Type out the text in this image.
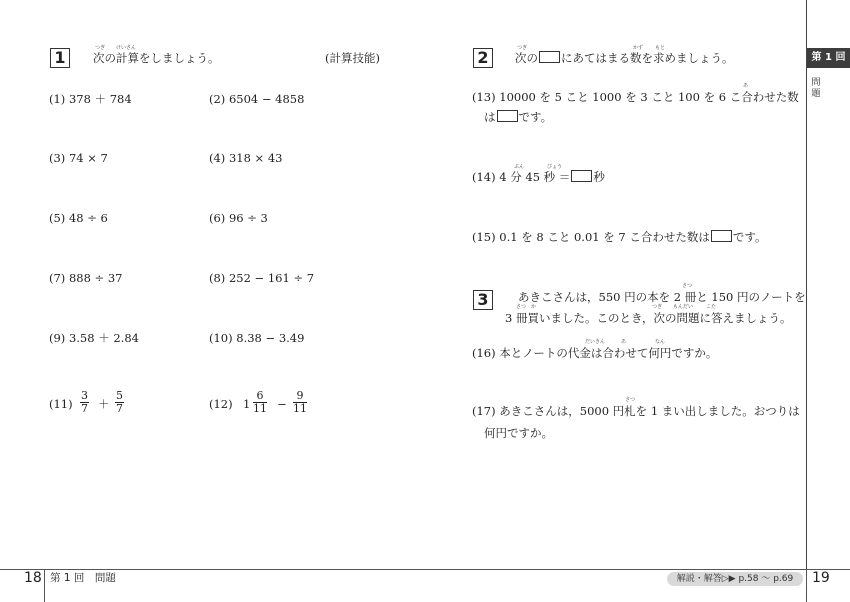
1	つぎ けいさん
次の計算をしましょう。	(計算技能)
(1) 378 ＋ 784	(2) 6504 − 4858
(3) 74 × 7	(4) 318 × 43
(5) 48 ÷ 6	(6) 96 ÷ 3
(7) 888 ÷ 37	(8) 252 − 161 ÷ 7
(9) 3.58 ＋ 2.84	(10) 8.38 − 3.49
$(11) \frac{3}{7} + \frac{5}{7}$	(12) $1 \frac{6}{11} - \frac{9}{11}$
2	つぎ	かず もと
次の にあてはまる数を求めましょう。
あ
(13) 10000 を 5 こと 1000 を 3 こと 100 を 6 こ合わせた数
は です。
ぷん	びょう
(14) 4 分 45 秒 ＝ 秒
(15) 0.1 を 8 こと 0.01 を 7 こ合わせた数は です。
3
さつ
あきこさんは，550 円の本を 2 冊と 150 円のノートを
さつ か	つぎ もんだい	こた
3 冊買いました。このとき，次の問題に答えましょう。
だいきん	あ	なん
(16) 本とノートの代金は合わせて何円ですか。
さつ
(17) あきこさんは，5000 円札を 1 まい出しました。おつりは
何円ですか。
第 1 回
問題
18 第 1 回　問題	解説・解答▷▶ p.58 〜 p.69	19
